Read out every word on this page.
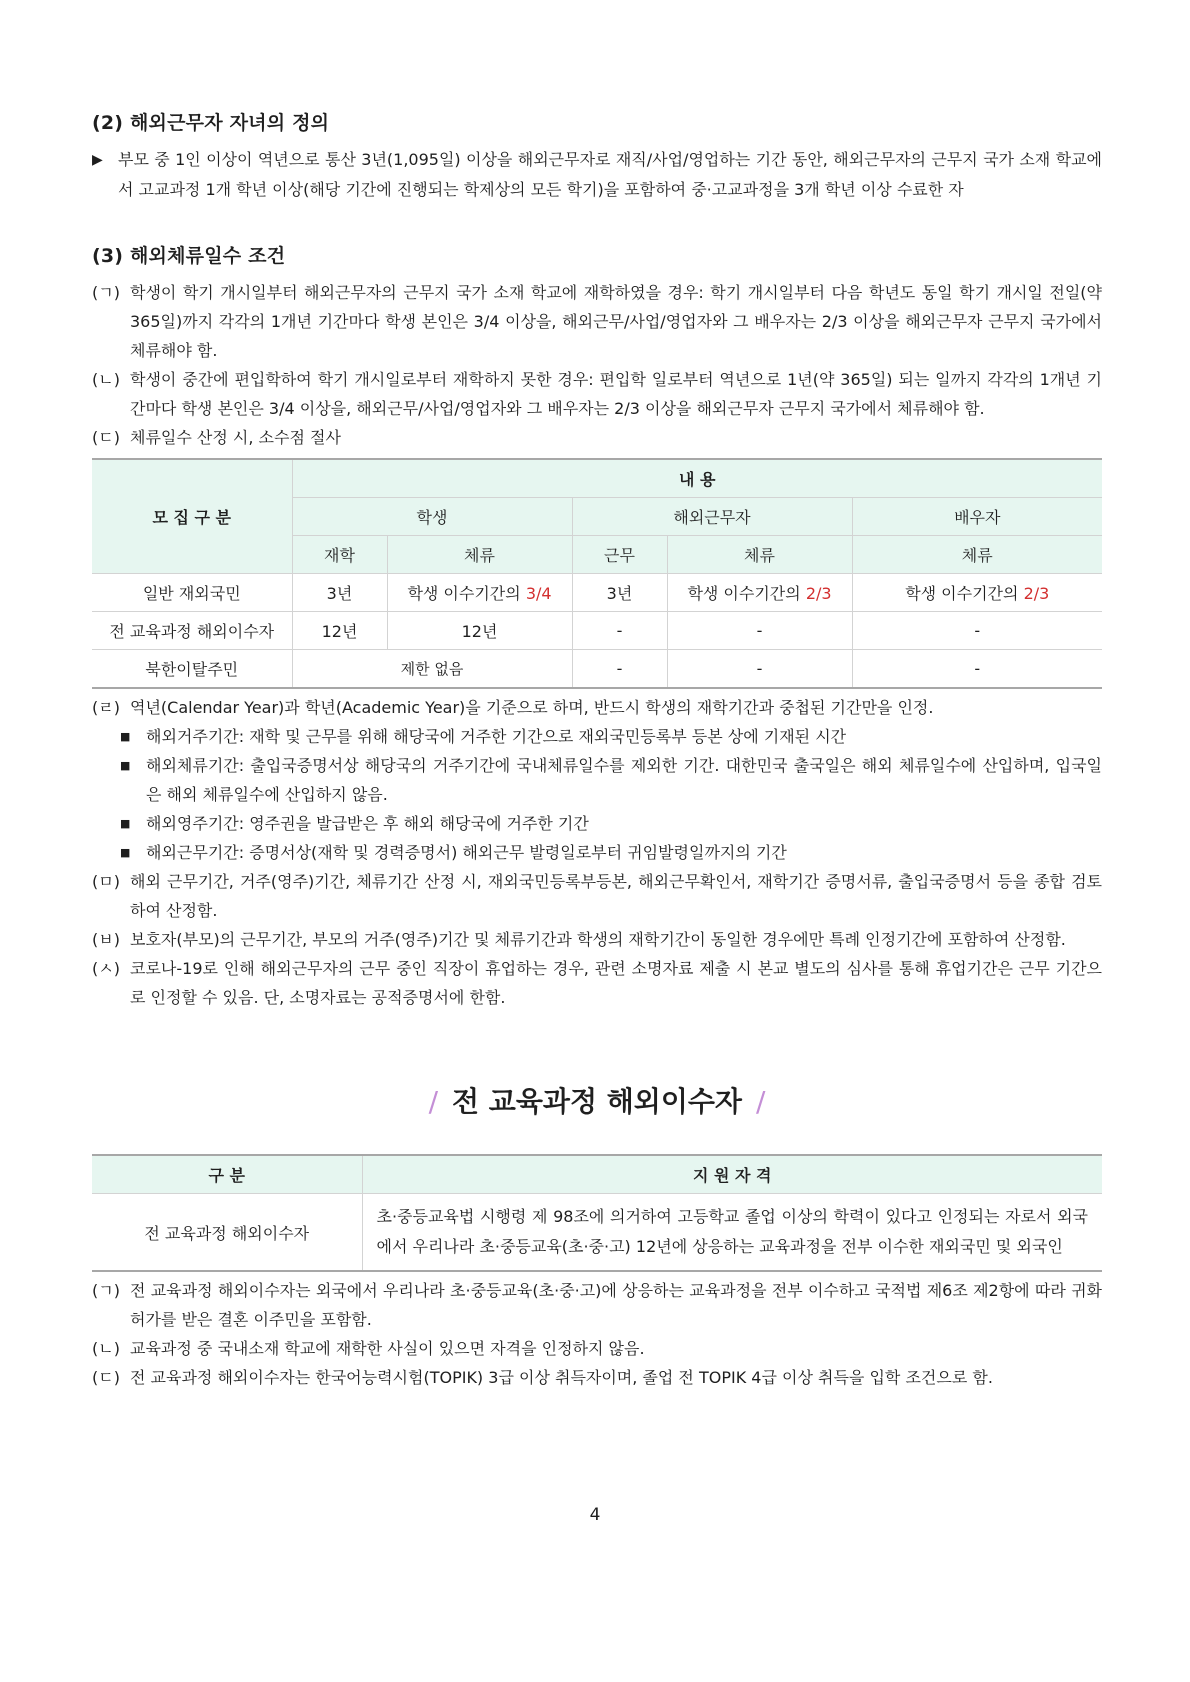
(2) 해외근무자 자녀의 정의
▶ 부모 중 1인 이상이 역년으로 통산 3년(1,095일) 이상을 해외근무자로 재직/사업/영업하는 기간 동안, 해외근무자의 근무지 국가 소재 학교에서 고교과정 1개 학년 이상(해당 기간에 진행되는 학제상의 모든 학기)을 포함하여 중·고교과정을 3개 학년 이상 수료한 자
(3) 해외체류일수 조건
(ㄱ) 학생이 학기 개시일부터 해외근무자의 근무지 국가 소재 학교에 재학하였을 경우: 학기 개시일부터 다음 학년도 동일 학기 개시일 전일(약 365일)까지 각각의 1개년 기간마다 학생 본인은 3/4 이상을, 해외근무/사업/영업자와 그 배우자는 2/3 이상을 해외근무자 근무지 국가에서 체류해야 함.
(ㄴ) 학생이 중간에 편입학하여 학기 개시일로부터 재학하지 못한 경우: 편입학 일로부터 역년으로 1년(약 365일) 되는 일까지 각각의 1개년 기간마다 학생 본인은 3/4 이상을, 해외근무/사업/영업자와 그 배우자는 2/3 이상을 해외근무자 근무지 국가에서 체류해야 함.
(ㄷ) 체류일수 산정 시, 소수점 절사
모 집 구 분	내 용				
	학생		해외근무자		배우자
	재학	체류	근무	체류	체류
일반 재외국민	3년	학생 이수기간의 3/4	3년	학생 이수기간의 2/3	학생 이수기간의 2/3
전 교육과정 해외이수자	12년	12년	-	-	-
북한이탈주민	제한 없음		-	-	-
(ㄹ) 역년(Calendar Year)과 학년(Academic Year)을 기준으로 하며, 반드시 학생의 재학기간과 중첩된 기간만을 인정.
■ 해외거주기간: 재학 및 근무를 위해 해당국에 거주한 기간으로 재외국민등록부 등본 상에 기재된 시간
■ 해외체류기간: 출입국증명서상 해당국의 거주기간에 국내체류일수를 제외한 기간. 대한민국 출국일은 해외 체류일수에 산입하며, 입국일은 해외 체류일수에 산입하지 않음.
■ 해외영주기간: 영주권을 발급받은 후 해외 해당국에 거주한 기간
■ 해외근무기간: 증명서상(재학 및 경력증명서) 해외근무 발령일로부터 귀임발령일까지의 기간
(ㅁ) 해외 근무기간, 거주(영주)기간, 체류기간 산정 시, 재외국민등록부등본, 해외근무확인서, 재학기간 증명서류, 출입국증명서 등을 종합 검토하여 산정함.
(ㅂ) 보호자(부모)의 근무기간, 부모의 거주(영주)기간 및 체류기간과 학생의 재학기간이 동일한 경우에만 특례 인정기간에 포함하여 산정함.
(ㅅ) 코로나-19로 인해 해외근무자의 근무 중인 직장이 휴업하는 경우, 관련 소명자료 제출 시 본교 별도의 심사를 통해 휴업기간은 근무 기간으로 인정할 수 있음. 단, 소명자료는 공적증명서에 한함.
/ 전 교육과정 해외이수자 /
구 분	지 원 자 격
전 교육과정 해외이수자	초·중등교육법 시행령 제 98조에 의거하여 고등학교 졸업 이상의 학력이 있다고 인정되는 자로서 외국에서 우리나라 초·중등교육(초·중·고) 12년에 상응하는 교육과정을 전부 이수한 재외국민 및 외국인
(ㄱ) 전 교육과정 해외이수자는 외국에서 우리나라 초·중등교육(초·중·고)에 상응하는 교육과정을 전부 이수하고 국적법 제6조 제2항에 따라 귀화허가를 받은 결혼 이주민을 포함함.
(ㄴ) 교육과정 중 국내소재 학교에 재학한 사실이 있으면 자격을 인정하지 않음.
(ㄷ) 전 교육과정 해외이수자는 한국어능력시험(TOPIK) 3급 이상 취득자이며, 졸업 전 TOPIK 4급 이상 취득을 입학 조건으로 함.
4
